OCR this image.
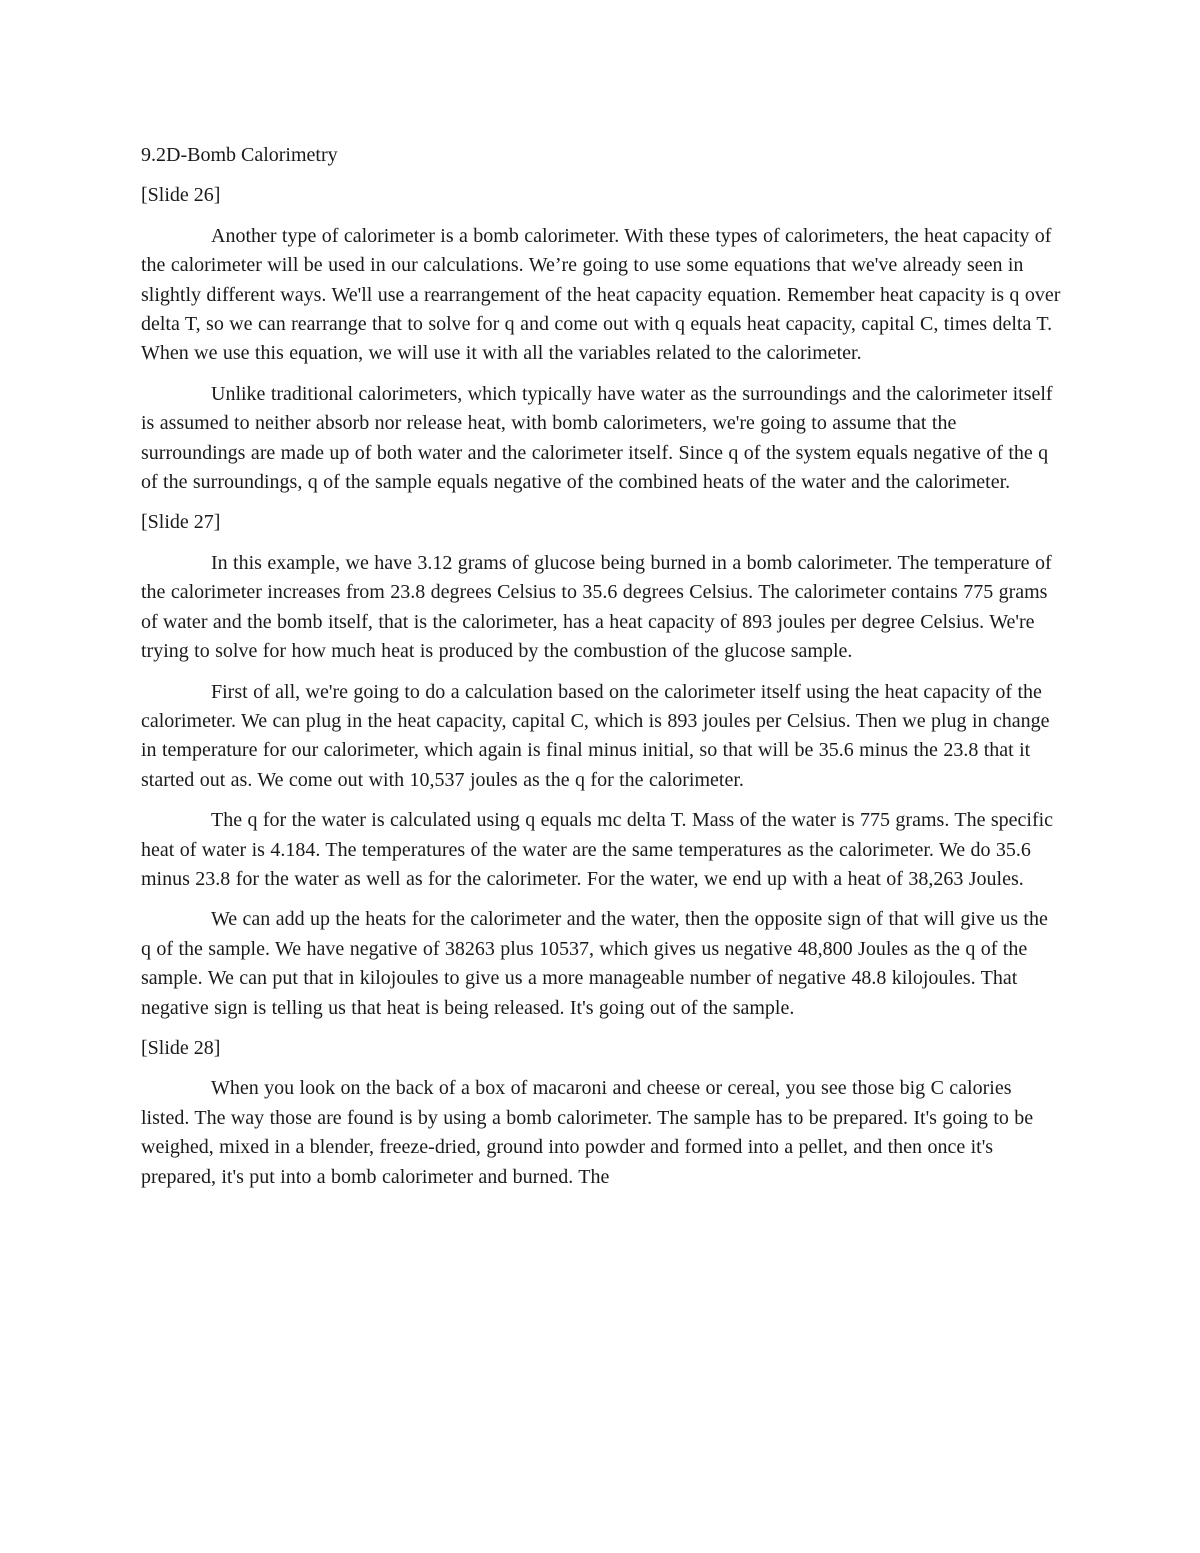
9.2D-Bomb Calorimetry

[Slide 26]

Another type of calorimeter is a bomb calorimeter. With these types of calorimeters, the heat capacity of the calorimeter will be used in our calculations. We’re going to use some equations that we've already seen in slightly different ways. We'll use a rearrangement of the heat capacity equation. Remember heat capacity is q over delta T, so we can rearrange that to solve for q and come out with q equals heat capacity, capital C, times delta T. When we use this equation, we will use it with all the variables related to the calorimeter.

Unlike traditional calorimeters, which typically have water as the surroundings and the calorimeter itself is assumed to neither absorb nor release heat, with bomb calorimeters, we're going to assume that the surroundings are made up of both water and the calorimeter itself. Since q of the system equals negative of the q of the surroundings, q of the sample equals negative of the combined heats of the water and the calorimeter.

[Slide 27]

In this example, we have 3.12 grams of glucose being burned in a bomb calorimeter. The temperature of the calorimeter increases from 23.8 degrees Celsius to 35.6 degrees Celsius. The calorimeter contains 775 grams of water and the bomb itself, that is the calorimeter, has a heat capacity of 893 joules per degree Celsius. We're trying to solve for how much heat is produced by the combustion of the glucose sample.

First of all, we're going to do a calculation based on the calorimeter itself using the heat capacity of the calorimeter. We can plug in the heat capacity, capital C, which is 893 joules per Celsius. Then we plug in change in temperature for our calorimeter, which again is final minus initial, so that will be 35.6 minus the 23.8 that it started out as. We come out with 10,537 joules as the q for the calorimeter.

The q for the water is calculated using q equals mc delta T. Mass of the water is 775 grams. The specific heat of water is 4.184. The temperatures of the water are the same temperatures as the calorimeter. We do 35.6 minus 23.8 for the water as well as for the calorimeter. For the water, we end up with a heat of 38,263 Joules.

We can add up the heats for the calorimeter and the water, then the opposite sign of that will give us the q of the sample. We have negative of 38263 plus 10537, which gives us negative 48,800 Joules as the q of the sample. We can put that in kilojoules to give us a more manageable number of negative 48.8 kilojoules. That negative sign is telling us that heat is being released. It's going out of the sample.

[Slide 28]

When you look on the back of a box of macaroni and cheese or cereal, you see those big C calories listed. The way those are found is by using a bomb calorimeter. The sample has to be prepared. It's going to be weighed, mixed in a blender, freeze-dried, ground into powder and formed into a pellet, and then once it's prepared, it's put into a bomb calorimeter and burned. The
